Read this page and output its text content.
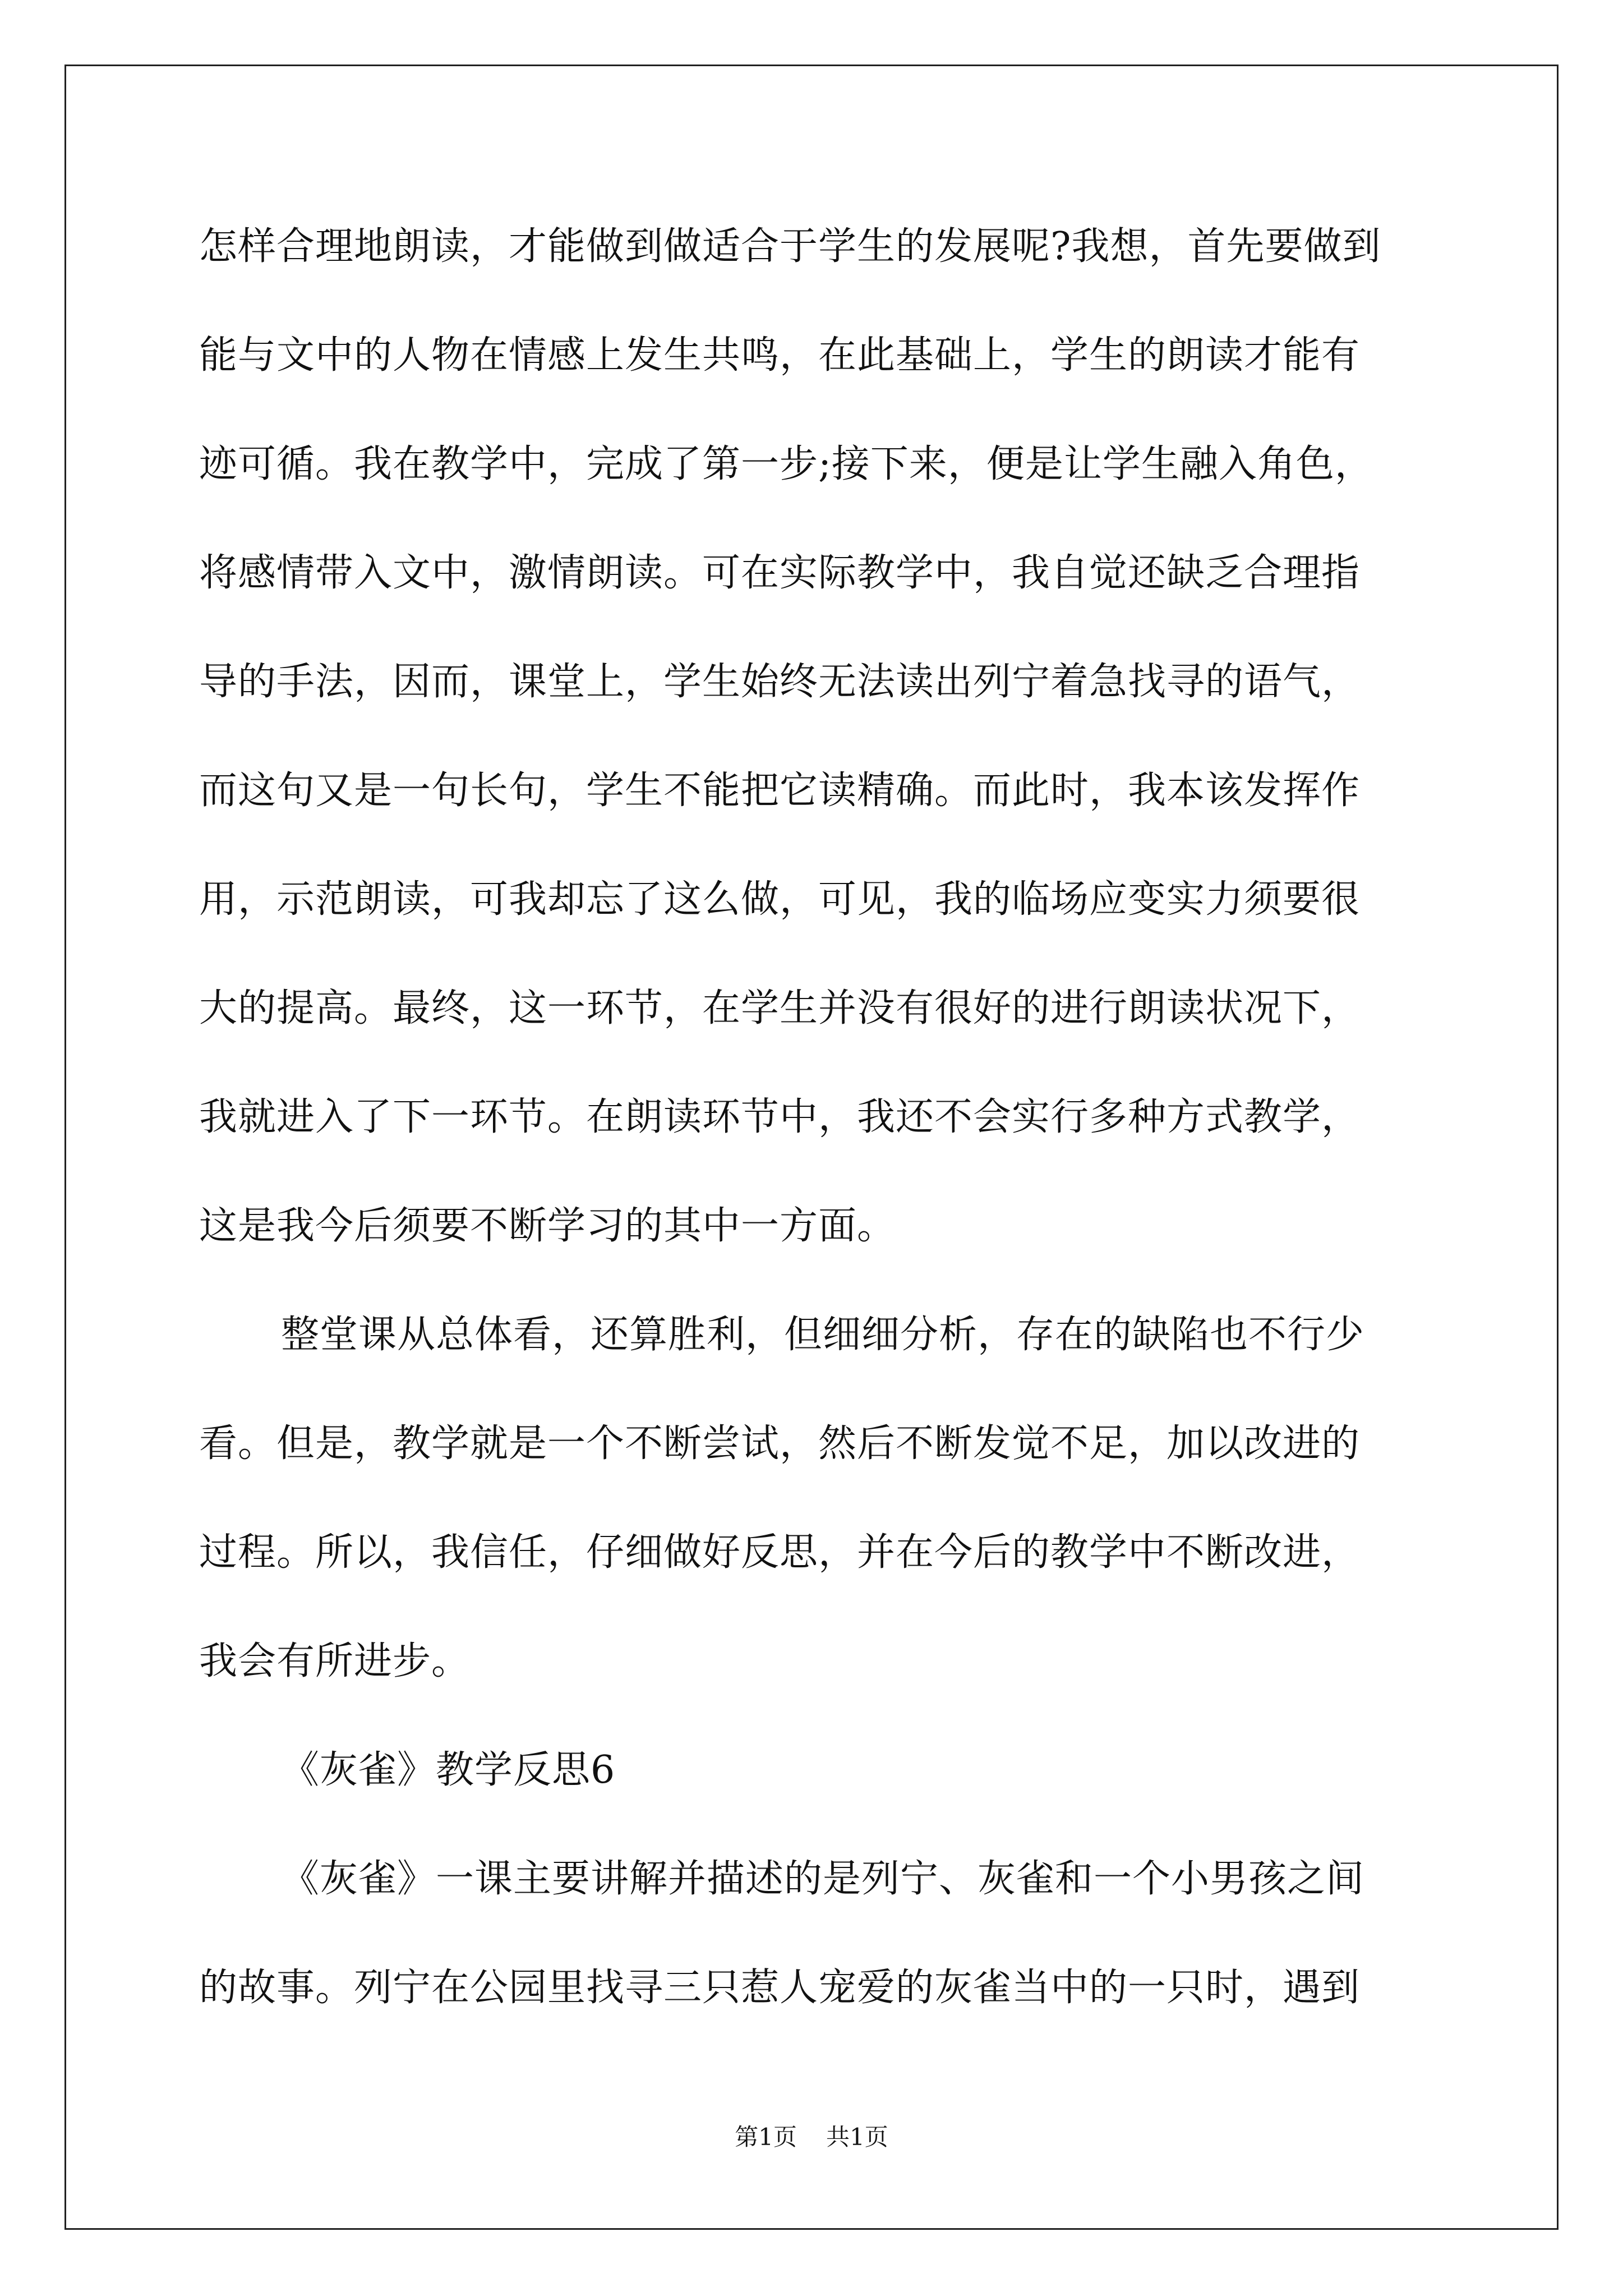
怎样合理地朗读，才能做到做适合于学生的发展呢?我想，首先要做到
能与文中的人物在情感上发生共鸣，在此基础上，学生的朗读才能有
迹可循。我在教学中，完成了第一步;接下来，便是让学生融入角色，
将感情带入文中，激情朗读。可在实际教学中，我自觉还缺乏合理指
导的手法，因而，课堂上，学生始终无法读出列宁着急找寻的语气，
而这句又是一句长句，学生不能把它读精确。而此时，我本该发挥作
用，示范朗读，可我却忘了这么做，可见，我的临场应变实力须要很
大的提高。最终，这一环节，在学生并没有很好的进行朗读状况下，
我就进入了下一环节。在朗读环节中，我还不会实行多种方式教学，
这是我今后须要不断学习的其中一方面。
整堂课从总体看，还算胜利，但细细分析，存在的缺陷也不行少
看。但是，教学就是一个不断尝试，然后不断发觉不足，加以改进的
过程。所以，我信任，仔细做好反思，并在今后的教学中不断改进，
我会有所进步。
《灰雀》教学反思6
《灰雀》一课主要讲解并描述的是列宁、灰雀和一个小男孩之间
的故事。列宁在公园里找寻三只惹人宠爱的灰雀当中的一只时，遇到
第1页 共1页
